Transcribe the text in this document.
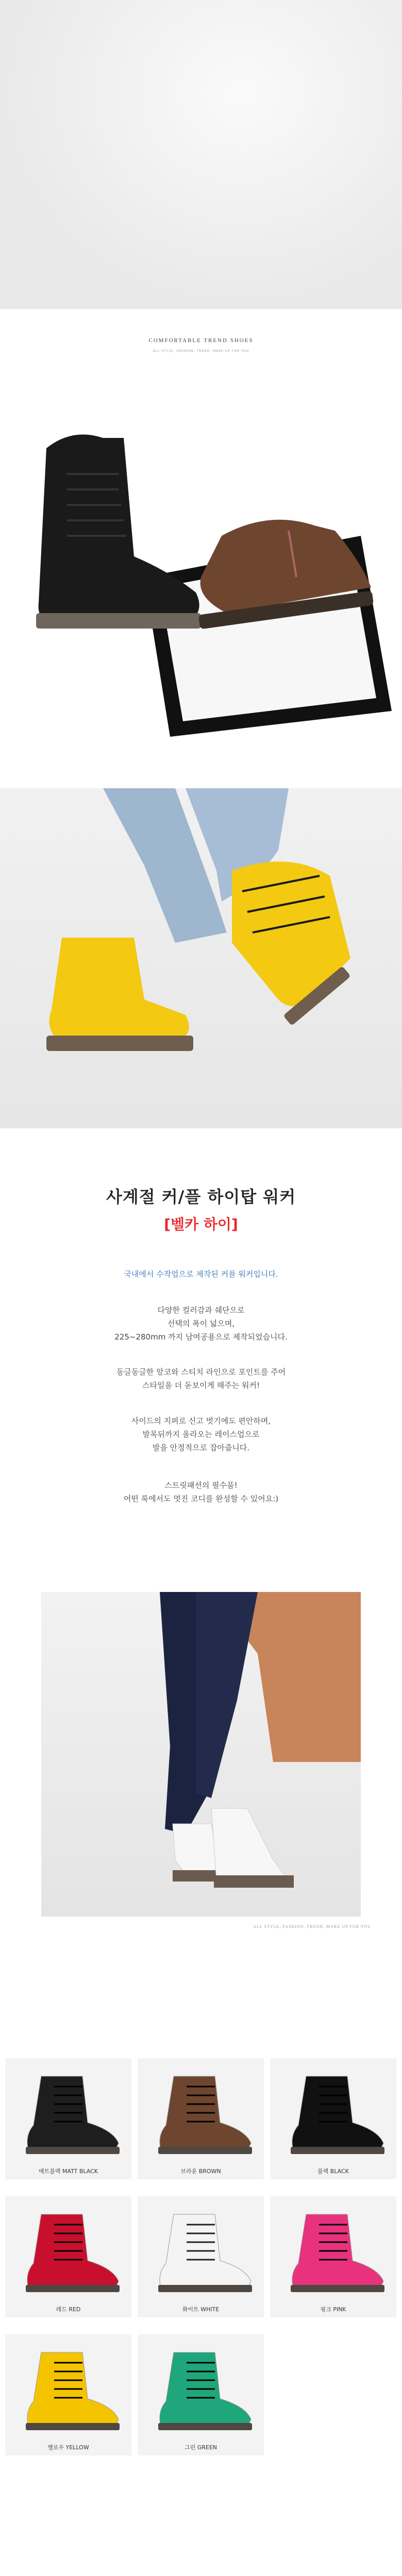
COMFORTABLE TREND SHOES
ALL STYLE, FASHION, TREND, MAKE UP FOR YOU
사계절 커/플 하이탑 워커
[벨카 하이]
국내에서 수작업으로 제작된 커플 워커입니다.
다양한 컬러감과 쉐단으로
선택의 폭이 넓으며,
225~280mm 까지 남여공용으로 제작되었습니다.
동글동글한 앞코와 스티치 라인으로 포인트를 주어
스타일을 더 돋보이게 해주는 워커!
사이드의 지퍼로 신고 벗기에도 편안하며,
발목뒤까지 올라오는 레이스업으로
발을 안정적으로 잡아줍니다.
스트릿패션의 필수품!
어떤 룩에서도 멋진 코디를 완성할 수 있어요:)
ALL STYLE, FASHION, TREND, MAKE UP FOR YOU
매트블랙 MATT BLACK	브라운 BROWN	블랙 BLACK
레드 RED	화이트 WHITE	핑크 PINK
옐로우 YELLOW	그린 GREEN
